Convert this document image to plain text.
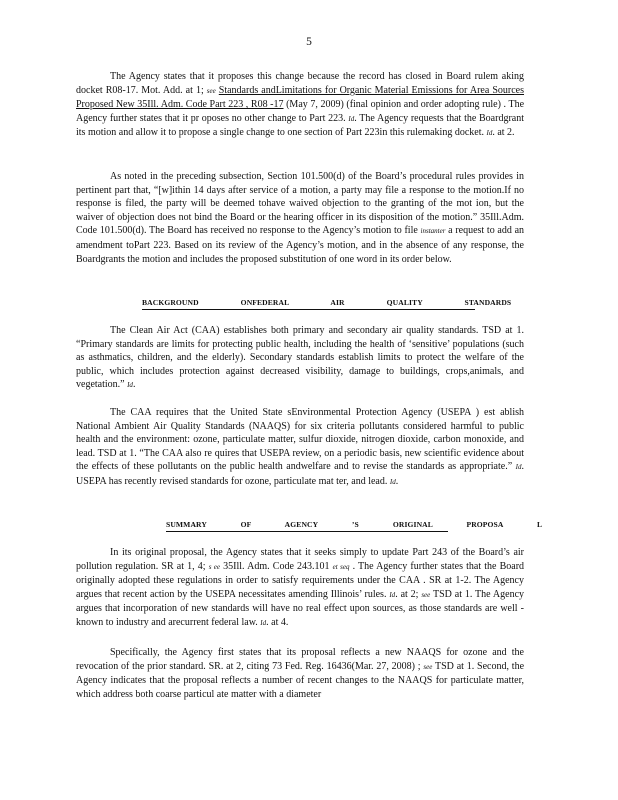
5

The Agency states that it proposes this change because the record has closed in Board rulem aking docket R08-17. Mot. Add. at 1; see Standards andLimitations for Organic Material Emissions for Area Sources Proposed New 35Ill. Adm. Code Part 223 , R08 -17 (May 7, 2009) (final opinion and order adopting rule) . The Agency further states that it pr oposes no other change to Part 223. Id. The Agency requests that the Boardgrant its motion and allow it to propose a single change to one section of Part 223in this rulemaking docket. Id. at 2.

As noted in the preceding subsection, Section 101.500(d) of the Board’s procedural rules provides in pertinent part that, “[w]ithin 14 days after service of a motion, a party may file a response to the motion.If no response is filed, the party will be deemed tohave waived objection to the granting of the mot ion, but the waiver of objection does not bind the Board or the hearing officer in its disposition of the motion.” 35Ill.Adm. Code 101.500(d). The Board has received no response to the Agency’s motion to file instanter a request to add an amendment toPart 223. Based on its review of the Agency’s motion, and in the absence of any response, the Boardgrants the motion and includes the proposed substitution of one word in its order below.

BACKGROUND ONFEDERAL AIR QUALITY STANDARDS

The Clean Air Act (CAA) establishes both primary and secondary air quality standards. TSD at 1. “Primary standards are limits for protecting public health, including the health of ‘sensitive’ populations (such as asthmatics, children, and the elderly). Secondary standards establish limits to protect the welfare of the public, which includes protection against decreased visibility, damage to buildings, crops,animals, and vegetation.” Id.

The CAA requires that the United State sEnvironmental Protection Agency (USEPA ) est ablish National Ambient Air Quality Standards (NAAQS) for six criteria pollutants considered harmful to public health and the environment: ozone, particulate matter, sulfur dioxide, nitrogen dioxide, carbon monoxide, and lead. TSD at 1. “The CAA also re quires that USEPA review, on a periodic basis, new scientific evidence about the effects of these pollutants on the public health andwelfare and to revise the standards as appropriate.” Id. USEPA has recently revised standards for ozone, particulate mat ter, and lead. Id.

SUMMARY OF AGENCY ’S ORIGINAL PROPOSA L

In its original proposal, the Agency states that it seeks simply to update Part 243 of the Board’s air pollution regulation. SR at 1, 4; s ee 35Ill. Adm. Code 243.101 et seq . The Agency further states that the Board originally adopted these regulations in order to satisfy requirements under the CAA . SR at 1-2. The Agency argues that recent action by the USEPA necessitates amending Illinois’ rules. Id. at 2; see TSD at 1. The Agency argues that incorporation of new standards will have no real effect upon sources, as those standards are well -known to industry and arecurrent federal law. Id. at 4.

Specifically, the Agency first states that its proposal reflects a new NAAQS for ozone and the revocation of the prior standard. SR. at 2, citing 73 Fed. Reg. 16436(Mar. 27, 2008) ; see TSD at 1. Second, the Agency indicates that the proposal reflects a number of recent changes to the NAAQS for particulate matter, which address both coarse particul ate matter with a diameter
